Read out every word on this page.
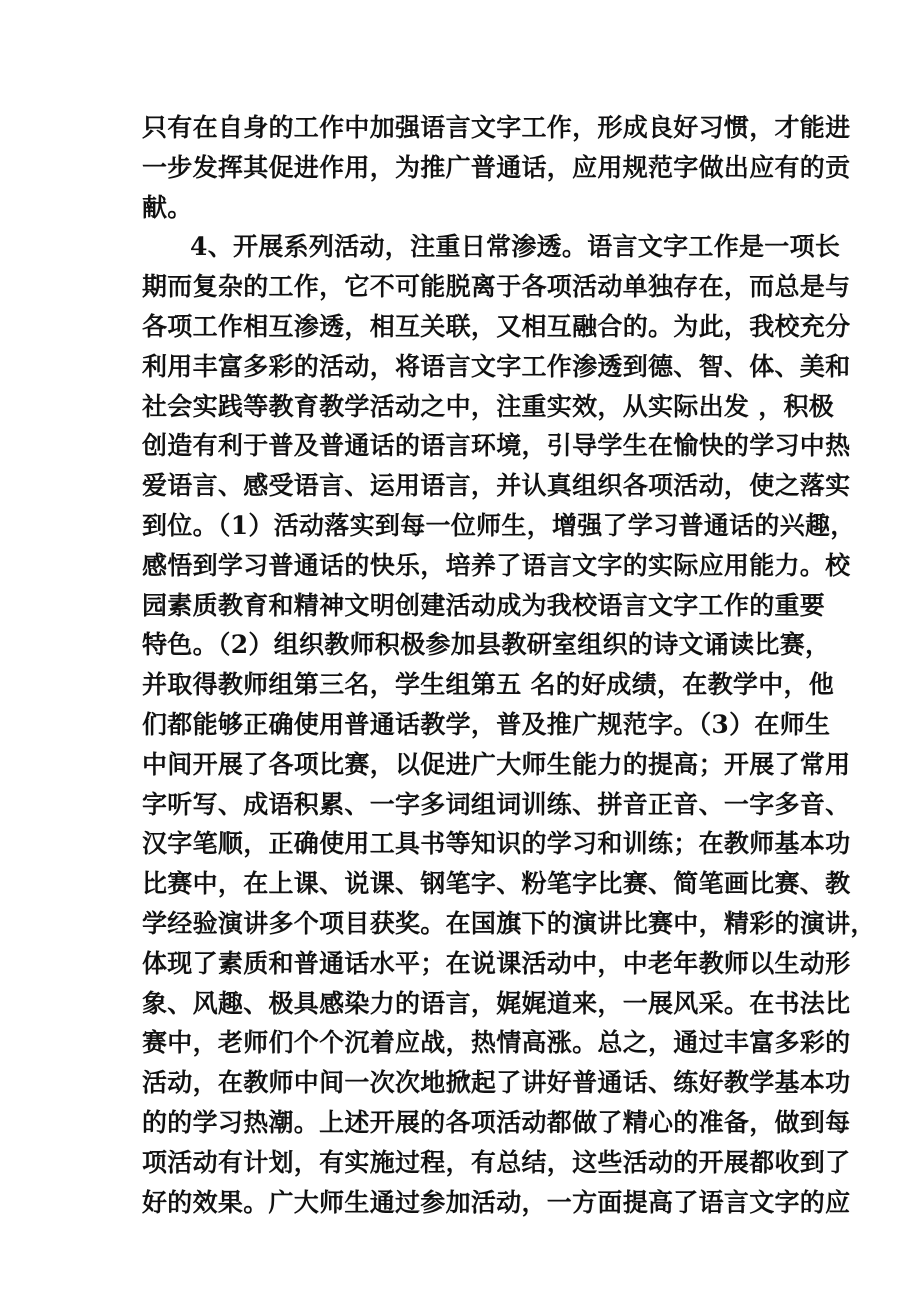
只有在自身的工作中加强语言文字工作，形成良好习惯，才能进
一步发挥其促进作用，为推广普通话，应用规范字做出应有的贡
献。
4、开展系列活动，注重日常渗透。语言文字工作是一项长
期而复杂的工作，它不可能脱离于各项活动单独存在，而总是与
各项工作相互渗透，相互关联，又相互融合的。为此，我校充分
利用丰富多彩的活动，将语言文字工作渗透到德、智、体、美和
社会实践等教育教学活动之中，注重实效，从实际出发 ，积极
创造有利于普及普通话的语言环境，引导学生在愉快的学习中热
爱语言、感受语言、运用语言，并认真组织各项活动，使之落实
到位。（1）活动落实到每一位师生，增强了学习普通话的兴趣，
感悟到学习普通话的快乐，培养了语言文字的实际应用能力。校
园素质教育和精神文明创建活动成为我校语言文字工作的重要
特色。（2）组织教师积极参加县教研室组织的诗文诵读比赛，
并取得教师组第三名，学生组第五 名的好成绩，在教学中，他
们都能够正确使用普通话教学，普及推广规范字。（3）在师生
中间开展了各项比赛，以促进广大师生能力的提高；开展了常用
字听写、成语积累、一字多词组词训练、拼音正音、一字多音、
汉字笔顺，正确使用工具书等知识的学习和训练；在教师基本功
比赛中，在上课、说课、钢笔字、粉笔字比赛、简笔画比赛、教
学经验演讲多个项目获奖。在国旗下的演讲比赛中，精彩的演讲，
体现了素质和普通话水平；在说课活动中，中老年教师以生动形
象、风趣、极具感染力的语言，娓娓道来，一展风采。在书法比
赛中，老师们个个沉着应战，热情高涨。总之，通过丰富多彩的
活动，在教师中间一次次地掀起了讲好普通话、练好教学基本功
的的学习热潮。上述开展的各项活动都做了精心的准备，做到每
项活动有计划，有实施过程，有总结，这些活动的开展都收到了
好的效果。广大师生通过参加活动，一方面提高了语言文字的应
